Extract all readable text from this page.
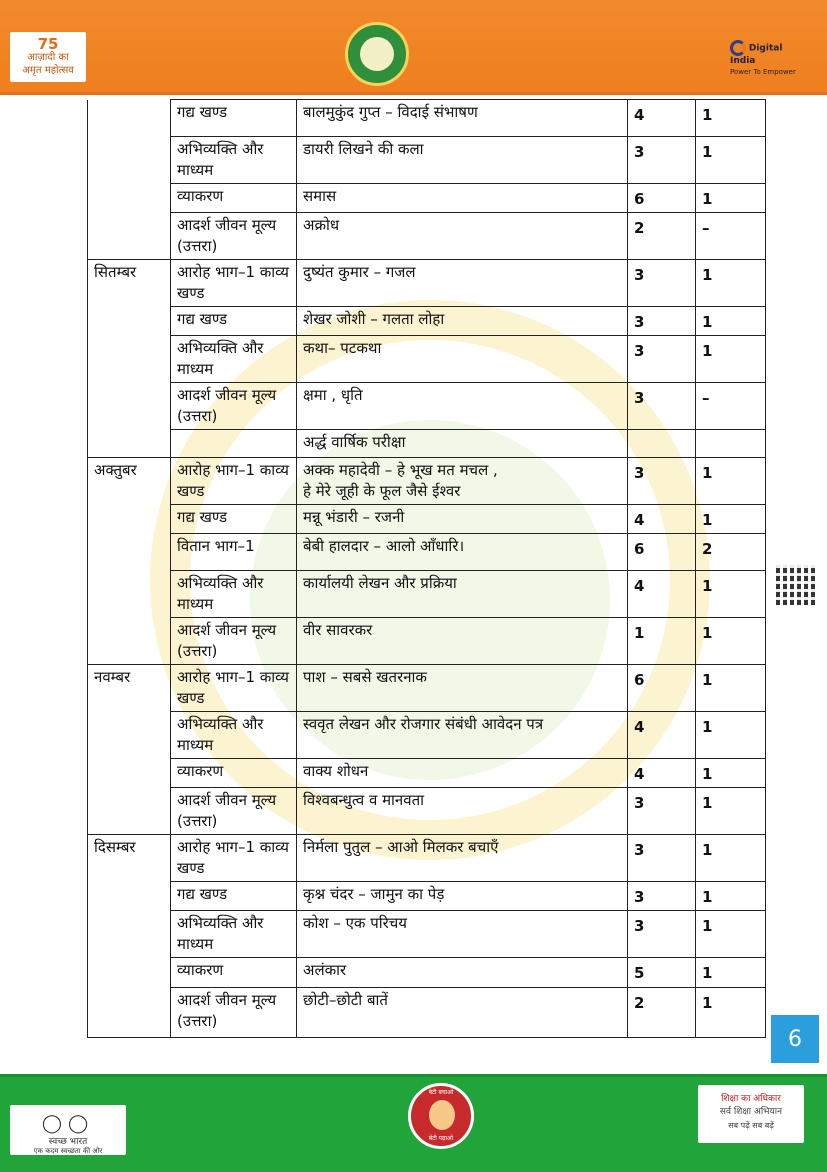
75
आज़ादी का
अमृत महोत्सव
Digital India
Power To Empower
	गद्य खण्ड	बालमुकुंद गुप्त – विदाई संभाषण	4	1
	अभिव्यक्ति और माध्यम	डायरी लिखने की कला	3	1
	व्याकरण	समास	6	1
	आदर्श जीवन मूल्य (उत्तरा)	अक्रोध	2	–
सितम्बर	आरोह भाग–1 काव्य खण्ड	दुष्यंत कुमार – गजल	3	1
	गद्य खण्ड	शेखर जोशी – गलता लोहा	3	1
	अभिव्यक्ति और माध्यम	कथा– पटकथा	3	1
	आदर्श जीवन मूल्य (उत्तरा)	क्षमा , धृति	3	–
		अर्द्ध वार्षिक परीक्षा		
अक्तुबर	आरोह भाग–1 काव्य खण्ड	अक्क महादेवी – हे भूख मत मचल ,
हे मेरे जूही के फूल जैसे ईश्वर	3	1
	गद्य खण्ड	मन्नू भंडारी – रजनी	4	1
	वितान भाग–1	बेबी हालदार – आलो आँधारि।	6	2
	अभिव्यक्ति और माध्यम	कार्यालयी लेखन और प्रक्रिया	4	1
	आदर्श जीवन मूल्य (उत्तरा)	वीर सावरकर	1	1
नवम्बर	आरोह भाग–1 काव्य खण्ड	पाश – सबसे खतरनाक	6	1
	अभिव्यक्ति और माध्यम	स्ववृत लेखन और रोजगार संबंधी आवेदन पत्र	4	1
	व्याकरण	वाक्य शोधन	4	1
	आदर्श जीवन मूल्य (उत्तरा)	विश्वबन्धुत्व व मानवता	3	1
दिसम्बर	आरोह भाग–1 काव्य खण्ड	निर्मला पुतुल – आओ मिलकर बचाएँ	3	1
	गद्य खण्ड	कृश्न चंदर – जामुन का पेड़	3	1
	अभिव्यक्ति और माध्यम	कोश – एक परिचय	3	1
	व्याकरण	अलंकार	5	1
	आदर्श जीवन मूल्य (उत्तरा)	छोटी–छोटी बातें	2	1
6
◯◯
स्वच्छ भारत
एक कदम स्वच्छता की ओर
बेटी बचाओ
बेटी पढ़ाओ
शिक्षा का अधिकार
सर्व शिक्षा अभियान
सब पढ़ें सब बढ़ें
